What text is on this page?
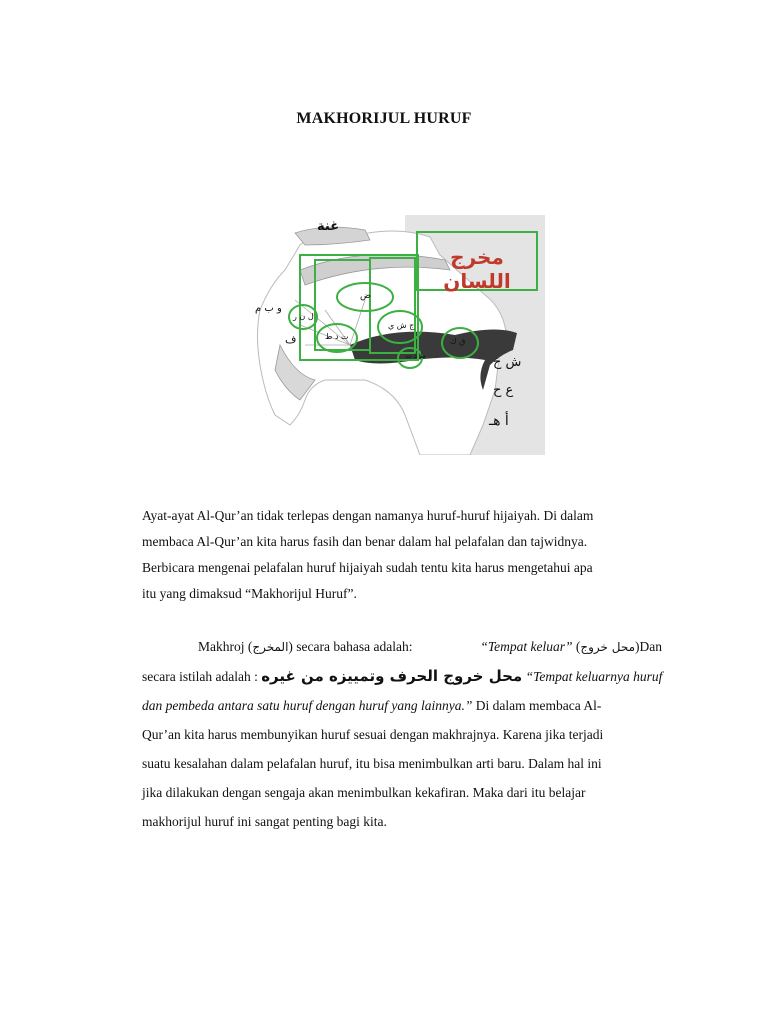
MAKHORIJUL HURUF
غنة
مخرج اللسان
و ب م
ف
ض
ل ن ر
ت د ط
ج ش ي
ق ك
ظ ذ ث	ش خ
ع ح
أ هـ

Ayat-ayat Al-Qur’an tidak terlepas dengan namanya huruf-huruf hijaiyah. Di dalam

membaca Al-Qur’an kita harus fasih dan benar dalam hal pelafalan dan tajwidnya.

Berbicara mengenai pelafalan huruf hijaiyah sudah tentu kita harus mengetahui apa

itu yang dimaksud “Makhorijul Huruf”.

Makhroj (المخرج) secara bahasa adalah:	“Tempat keluar” (محل خروج)Dan
secara istilah adalah : محل خروج الحرف وتمييزه من غيره “Tempat keluarnya huruf
dan pembeda antara satu huruf dengan huruf yang lainnya.” Di dalam membaca Al-
Qur’an kita harus membunyikan huruf sesuai dengan makhrajnya. Karena jika terjadi
suatu kesalahan dalam pelafalan huruf, itu bisa menimbulkan arti baru. Dalam hal ini
jika dilakukan dengan sengaja akan menimbulkan kekafiran. Maka dari itu belajar
makhorijul huruf ini sangat penting bagi kita.
